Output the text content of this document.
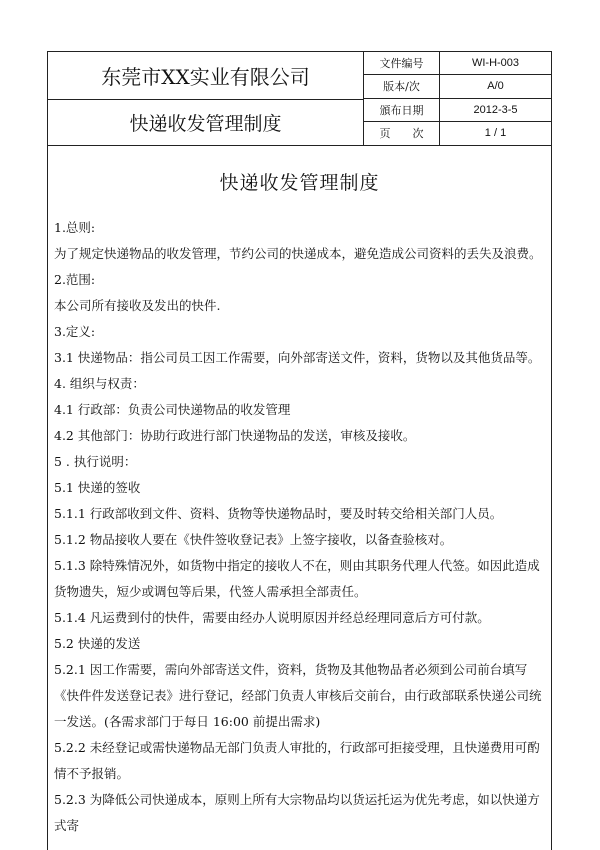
东莞市XX实业有限公司
快递收发管理制度
文件编号	WI-H-003
版本/次	A/0
頒布日期	2012-3-5
页　　次	1 / 1
快递收发管理制度

1.总则:

为了规定快递物品的收发管理，节约公司的快递成本，避免造成公司资料的丢失及浪费。

2.范围:

本公司所有接收及发出的快件.

3.定义:

3.1 快递物品：指公司员工因工作需要，向外部寄送文件，资料，货物以及其他货品等。

4. 组织与权责：

4.1 行政部：负责公司快递物品的收发管理

4.2 其他部门：协助行政进行部门快递物品的发送，审核及接收。

5 . 执行说明：

5.1 快递的签收

5.1.1 行政部收到文件、资料、货物等快递物品时，要及时转交给相关部门人员。

5.1.2 物品接收人要在《快件签收登记表》上签字接收，以备查验核对。

5.1.3 除特殊情况外，如货物中指定的接收人不在，则由其职务代理人代签。如因此造成货物遗失，短少或调包等后果，代签人需承担全部责任。

5.1.4 凡运费到付的快件，需要由经办人说明原因并经总经理同意后方可付款。

5.2 快递的发送

5.2.1 因工作需要，需向外部寄送文件，资料，货物及其他物品者必须到公司前台填写《快件件发送登记表》进行登记，经部门负责人审核后交前台，由行政部联系快递公司统一发送。(各需求部门于每日 16:00 前提出需求)

5.2.2 未经登记或需快递物品无部门负责人审批的，行政部可拒接受理，且快递费用可酌情不予报销。

5.2.3 为降低公司快递成本，原则上所有大宗物品均以货运托运为优先考虑，如以快递方式寄
